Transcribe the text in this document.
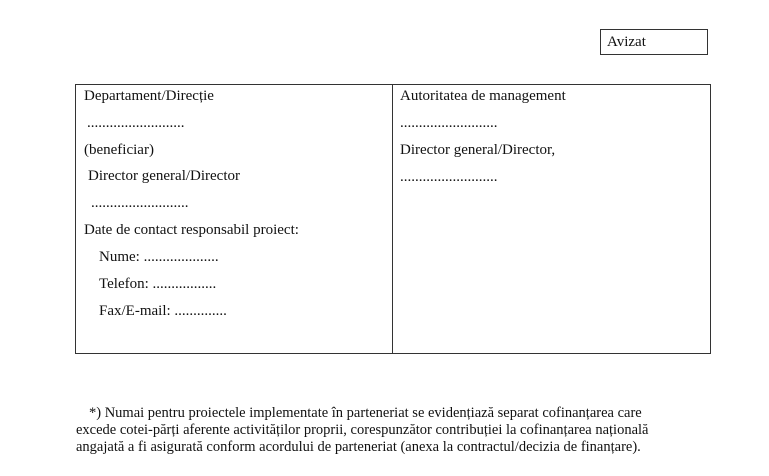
Avizat
Departament/Direcție
..........................
(beneficiar)
Director general/Director
..........................
Date de contact responsabil proiect:
Nume: ....................
Telefon: .................
Fax/E-mail: ..............
Autoritatea de management
..........................
Director general/Director,
..........................
*) Numai pentru proiectele implementate în parteneriat se evidențiază separat cofinanțarea care
excede cotei-părți aferente activităților proprii, corespunzător contribuției la cofinanțarea națională
angajată a fi asigurată conform acordului de parteneriat (anexa la contractul/decizia de finanțare).
